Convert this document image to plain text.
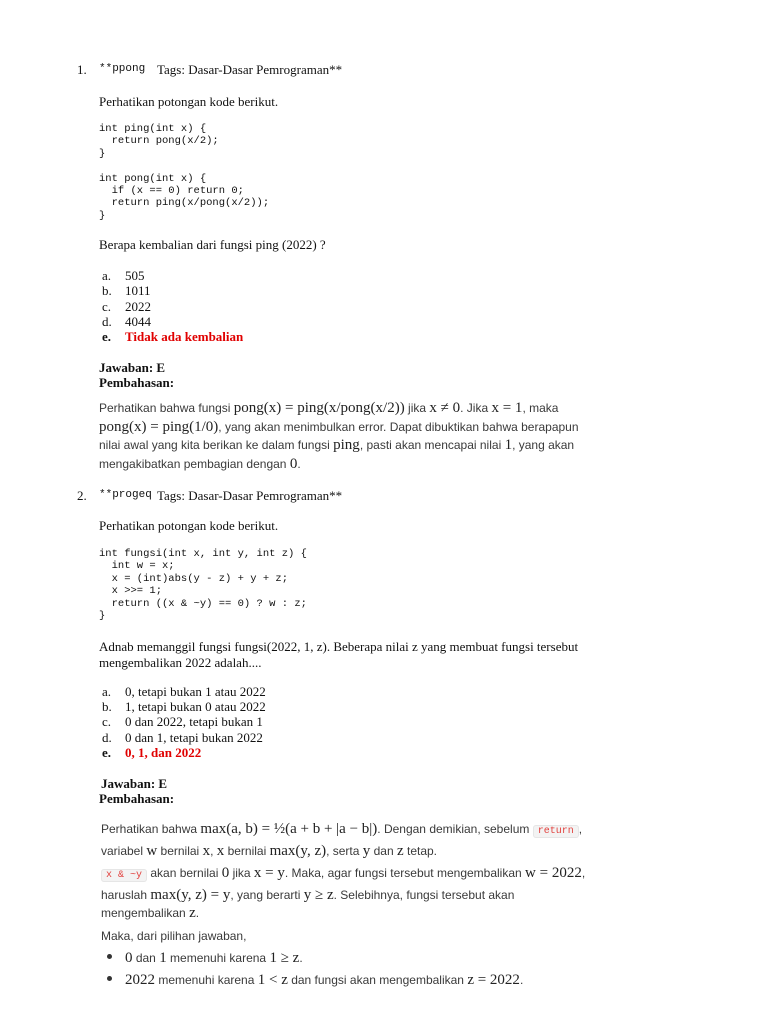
1. **ppong Tags: Dasar-Dasar Pemrograman**
Perhatikan potongan kode berikut.
int ping(int x) {
return pong(x/2);
}

int pong(int x) {
if (x == 0) return 0;
return ping(x/pong(x/2));
}
Berapa kembalian dari fungsi ping (2022) ?
a. 505
b. 1011
c. 2022
d. 4044
e. Tidak ada kembalian
Jawaban: E
Pembahasan:
Perhatikan bahwa fungsi pong(x) = ping(x/pong(x/2)) jika x ≠ 0. Jika x = 1, maka
pong(x) = ping(1/0), yang akan menimbulkan error. Dapat dibuktikan bahwa berapapun
nilai awal yang kita berikan ke dalam fungsi ping, pasti akan mencapai nilai 1, yang akan
mengakibatkan pembagian dengan 0.
2. **progeq Tags: Dasar-Dasar Pemrograman**
Perhatikan potongan kode berikut.
int fungsi(int x, int y, int z) {
int w = x;
x = (int)abs(y - z) + y + z;
x >>= 1;
return ((x & ~y) == 0) ? w : z;
}
Adnab memanggil fungsi fungsi(2022, 1, z). Beberapa nilai z yang membuat fungsi tersebut
mengembalikan 2022 adalah....
a. 0, tetapi bukan 1 atau 2022
b. 1, tetapi bukan 0 atau 2022
c. 0 dan 2022, tetapi bukan 1
d. 0 dan 1, tetapi bukan 2022
e. 0, 1, dan 2022
Jawaban: E
Pembahasan:
Perhatikan bahwa max(a, b) = ½(a + b + |a − b|). Dengan demikian, sebelum return ,
variabel w bernilai x, x bernilai max(y, z), serta y dan z tetap.
x & ~y akan bernilai 0 jika x = y. Maka, agar fungsi tersebut mengembalikan w = 2022,
haruslah max(y, z) = y, yang berarti y ≥ z. Selebihnya, fungsi tersebut akan
mengembalikan z.
Maka, dari pilihan jawaban,
0 dan 1 memenuhi karena 1 ≥ z.
2022 memenuhi karena 1 < z dan fungsi akan mengembalikan z = 2022.
